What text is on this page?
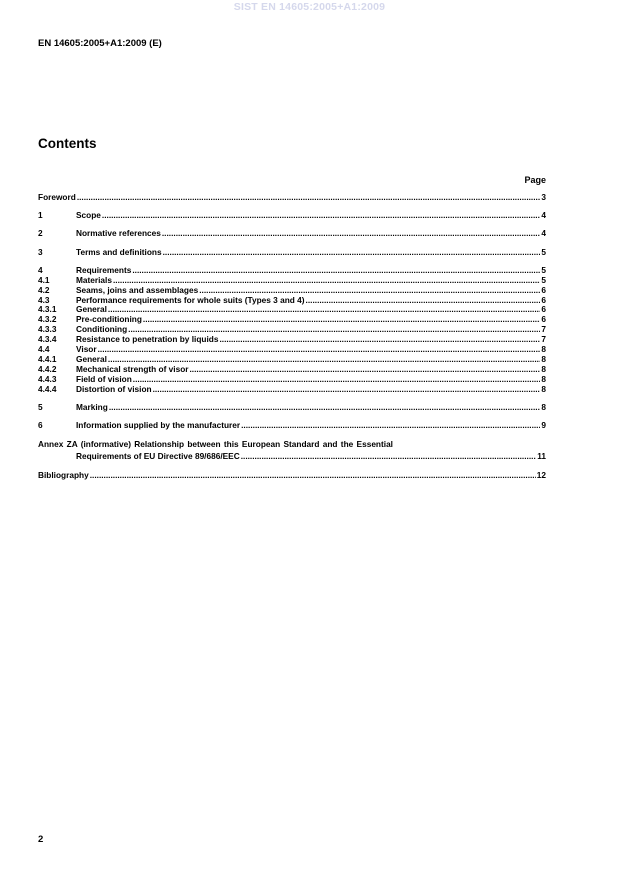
SIST EN 14605:2005+A1:2009
EN 14605:2005+A1:2009 (E)
Contents
Page
Foreword .....	3
1	Scope .....	4
2	Normative references .....	4
3	Terms and definitions .....	5
4	Requirements .....	5
4.1	Materials .....	5
4.2	Seams, joins and assemblages .....	6
4.3	Performance requirements for whole suits (Types 3 and 4) .....	6
4.3.1	General .....	6
4.3.2	Pre-conditioning .....	6
4.3.3	Conditioning .....	7
4.3.4	Resistance to penetration by liquids .....	7
4.4	Visor .....	8
4.4.1	General .....	8
4.4.2	Mechanical strength of visor .....	8
4.4.3	Field of vision .....	8
4.4.4	Distortion of vision .....	8
5	Marking .....	8
6	Information supplied by the manufacturer .....	9
Annex ZA (informative) Relationship between this European Standard and the Essential
Requirements of EU Directive 89/686/EEC .....	11
Bibliography .....	12
2
